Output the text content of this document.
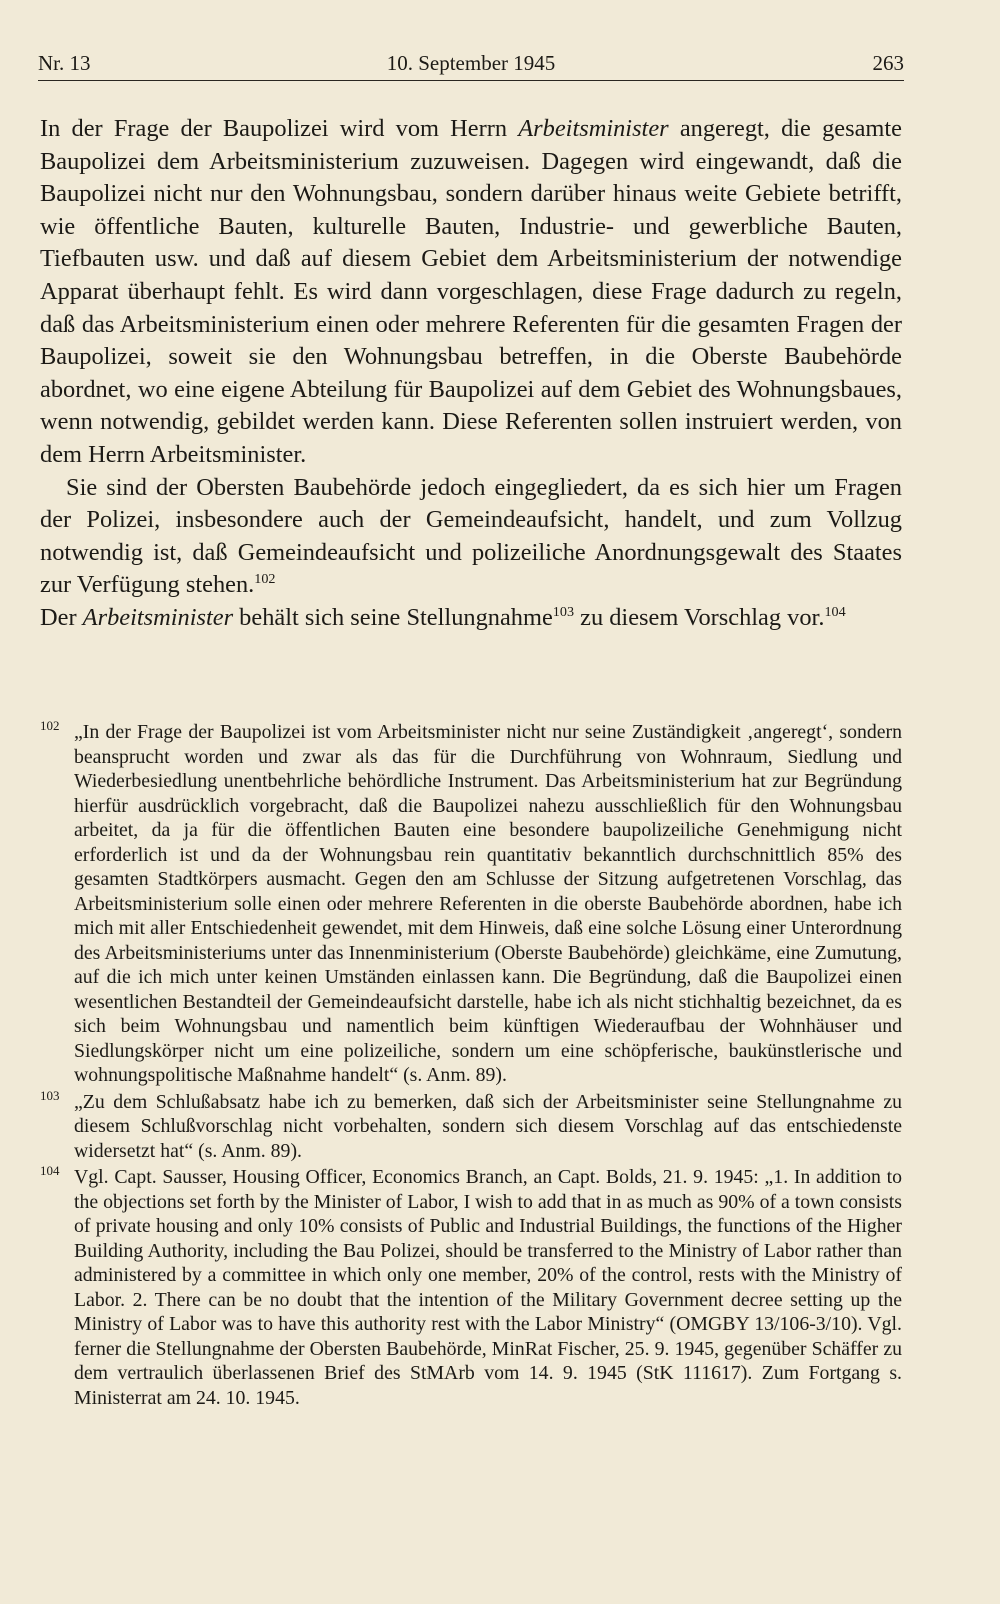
Nr. 13	10. September 1945	263

In der Frage der Baupolizei wird vom Herrn Arbeitsminister angeregt, die gesamte Baupolizei dem Arbeitsministerium zuzuweisen. Dagegen wird eingewandt, daß die Baupolizei nicht nur den Wohnungsbau, sondern darüber hinaus weite Gebiete betrifft, wie öffentliche Bauten, kulturelle Bauten, Industrie- und gewerbliche Bauten, Tiefbauten usw. und daß auf diesem Gebiet dem Arbeitsministerium der notwendige Apparat überhaupt fehlt. Es wird dann vorgeschlagen, diese Frage dadurch zu regeln, daß das Arbeitsministerium einen oder mehrere Referenten für die gesamten Fragen der Baupolizei, soweit sie den Wohnungsbau betreffen, in die Oberste Baubehörde abordnet, wo eine eigene Abteilung für Baupolizei auf dem Gebiet des Wohnungsbaues, wenn notwendig, gebildet werden kann. Diese Referenten sollen instruiert werden, von dem Herrn Arbeitsminister.

Sie sind der Obersten Baubehörde jedoch eingegliedert, da es sich hier um Fragen der Polizei, insbesondere auch der Gemeindeaufsicht, handelt, und zum Vollzug notwendig ist, daß Gemeindeaufsicht und polizeiliche Anordnungsgewalt des Staates zur Verfügung stehen.$^{102}$

Der Arbeitsminister behält sich seine Stellungnahme$^{103}$ zu diesem Vorschlag vor.$^{104}$

102 „In der Frage der Baupolizei ist vom Arbeitsminister nicht nur seine Zuständigkeit ‚angeregt‘, sondern beansprucht worden und zwar als das für die Durchführung von Wohnraum, Siedlung und Wiederbesiedlung unentbehrliche behördliche Instrument. Das Arbeitsministerium hat zur Begründung hierfür ausdrücklich vorgebracht, daß die Baupolizei nahezu ausschließlich für den Wohnungsbau arbeitet, da ja für die öffentlichen Bauten eine besondere baupolizeiliche Genehmigung nicht erforderlich ist und da der Wohnungsbau rein quantitativ bekanntlich durchschnittlich 85% des gesamten Stadtkörpers ausmacht. Gegen den am Schlusse der Sitzung aufgetretenen Vorschlag, das Arbeitsministerium solle einen oder mehrere Referenten in die oberste Baubehörde abordnen, habe ich mich mit aller Entschiedenheit gewendet, mit dem Hinweis, daß eine solche Lösung einer Unterordnung des Arbeitsministeriums unter das Innenministerium (Oberste Baubehörde) gleichkäme, eine Zumutung, auf die ich mich unter keinen Umständen einlassen kann. Die Begründung, daß die Baupolizei einen wesentlichen Bestandteil der Gemeindeaufsicht darstelle, habe ich als nicht stichhaltig bezeichnet, da es sich beim Wohnungsbau und namentlich beim künftigen Wiederaufbau der Wohnhäuser und Siedlungskörper nicht um eine polizeiliche, sondern um eine schöpferische, baukünstlerische und wohnungspolitische Maßnahme handelt“ (s. Anm. 89).
103 „Zu dem Schlußabsatz habe ich zu bemerken, daß sich der Arbeitsminister seine Stellungnahme zu diesem Schlußvorschlag nicht vorbehalten, sondern sich diesem Vorschlag auf das entschiedenste widersetzt hat“ (s. Anm. 89).
104 Vgl. Capt. Sausser, Housing Officer, Economics Branch, an Capt. Bolds, 21. 9. 1945: „1. In addition to the objections set forth by the Minister of Labor, I wish to add that in as much as 90% of a town consists of private housing and only 10% consists of Public and Industrial Buildings, the functions of the Higher Building Authority, including the Bau Polizei, should be transferred to the Ministry of Labor rather than administered by a committee in which only one member, 20% of the control, rests with the Ministry of Labor. 2. There can be no doubt that the intention of the Military Government decree setting up the Ministry of Labor was to have this authority rest with the Labor Ministry“ (OMGBY 13/106-3/10). Vgl. ferner die Stellungnahme der Obersten Baubehörde, MinRat Fischer, 25. 9. 1945, gegenüber Schäffer zu dem vertraulich überlassenen Brief des StMArb vom 14. 9. 1945 (StK 111617). Zum Fortgang s. Ministerrat am 24. 10. 1945.
